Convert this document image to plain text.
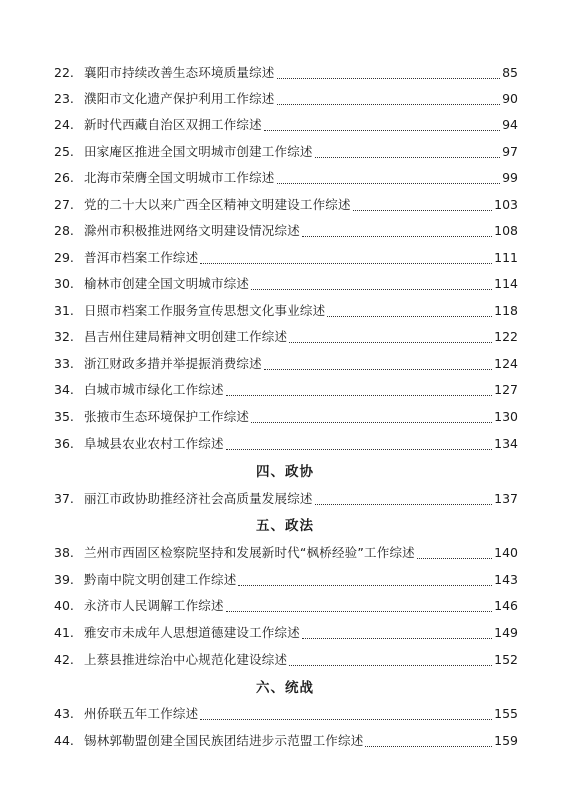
22. 襄阳市持续改善生态环境质量综述	85
23. 濮阳市文化遗产保护利用工作综述	90
24. 新时代西藏自治区双拥工作综述	94
25. 田家庵区推进全国文明城市创建工作综述	97
26. 北海市荣膺全国文明城市工作综述	99
27. 党的二十大以来广西全区精神文明建设工作综述	103
28. 滁州市积极推进网络文明建设情况综述	108
29. 普洱市档案工作综述	111
30. 榆林市创建全国文明城市综述	114
31. 日照市档案工作服务宣传思想文化事业综述	118
32. 昌吉州住建局精神文明创建工作综述	122
33. 浙江财政多措并举提振消费综述	124
34. 白城市城市绿化工作综述	127
35. 张掖市生态环境保护工作综述	130
36. 阜城县农业农村工作综述	134
四、政协
37. 丽江市政协助推经济社会高质量发展综述	137
五、政法
38. 兰州市西固区检察院坚持和发展新时代“枫桥经验”工作综述	140
39. 黔南中院文明创建工作综述	143
40. 永济市人民调解工作综述	146
41. 雅安市未成年人思想道德建设工作综述	149
42. 上蔡县推进综治中心规范化建设综述	152
六、统战
43. 州侨联五年工作综述	155
44. 锡林郭勒盟创建全国民族团结进步示范盟工作综述	159
